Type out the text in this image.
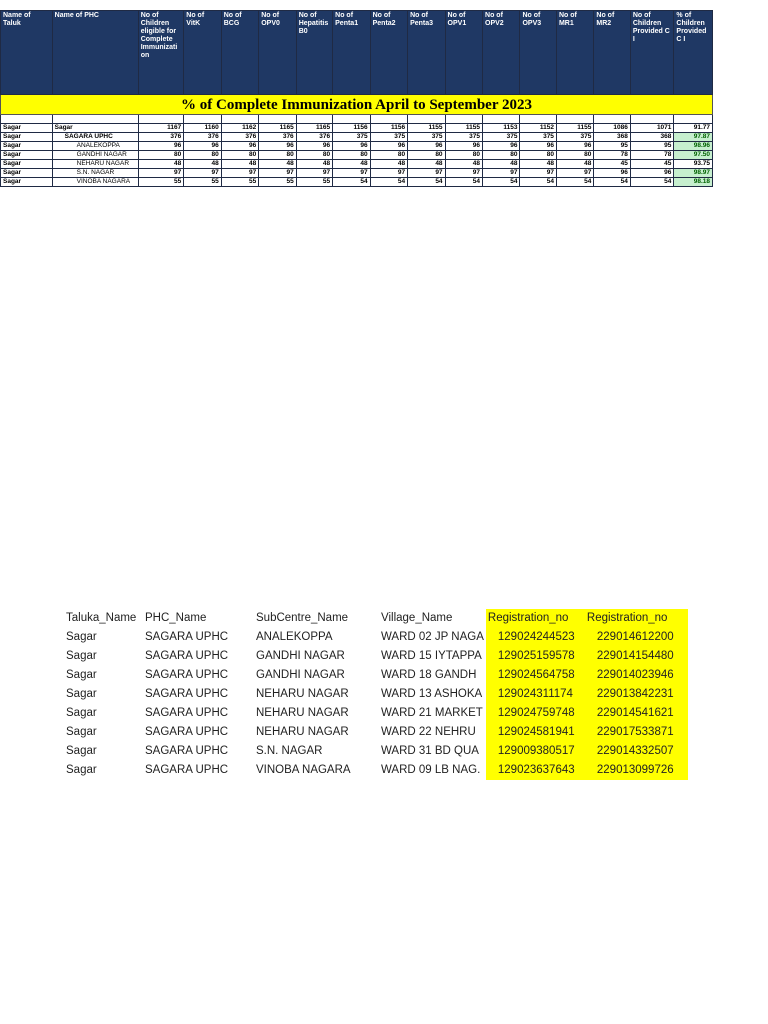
% of Complete Immunization April to September 2023																
Name of Taluk	Name of PHC	No of Children eligible for Complete Immunizati on	No of VitK	No of BCG	No of OPV0	No of Hepatitis B0	No of Penta1	No of Penta2	No of Penta3	No of OPV1	No of OPV2	No of OPV3	No of MR1	No of MR2	No of Children Provided C I	% of Children Provided C I

Sagar	Sagar	1167	1160	1162	1165	1165	1156	1156	1155	1155	1153	1152	1155	1086	1071	91.77
Sagar	SAGARA UPHC	376	376	376	376	376	375	375	375	375	375	375	375	368	368	97.87
Sagar	ANALEKOPPA	96	96	96	96	96	96	96	96	96	96	96	96	95	95	98.96
Sagar	GANDHI NAGAR	80	80	80	80	80	80	80	80	80	80	80	80	78	78	97.50
Sagar	NEHARU NAGAR	48	48	48	48	48	48	48	48	48	48	48	48	45	45	93.75
Sagar	S.N. NAGAR	97	97	97	97	97	97	97	97	97	97	97	97	96	96	98.97
Sagar	VINOBA NAGARA	55	55	55	55	55	54	54	54	54	54	54	54	54	54	98.18
Taluka_Name	PHC_Name	SubCentre_Name	Village_Name	Registration_no	Registration_no
Sagar	SAGARA UPHC	ANALEKOPPA	WARD 02 JP NAGA	129024244523	229014612200
Sagar	SAGARA UPHC	GANDHI NAGAR	WARD 15 IYTAPPA	129025159578	229014154480
Sagar	SAGARA UPHC	GANDHI NAGAR	WARD 18 GANDH	129024564758	229014023946
Sagar	SAGARA UPHC	NEHARU NAGAR	WARD 13 ASHOKA	129024311174	229013842231
Sagar	SAGARA UPHC	NEHARU NAGAR	WARD 21 MARKET	129024759748	229014541621
Sagar	SAGARA UPHC	NEHARU NAGAR	WARD 22 NEHRU	129024581941	229017533871
Sagar	SAGARA UPHC	S.N. NAGAR	WARD 31 BD QUA	129009380517	229014332507
Sagar	SAGARA UPHC	VINOBA NAGARA	WARD 09 LB NAG.	129023637643	229013099726
